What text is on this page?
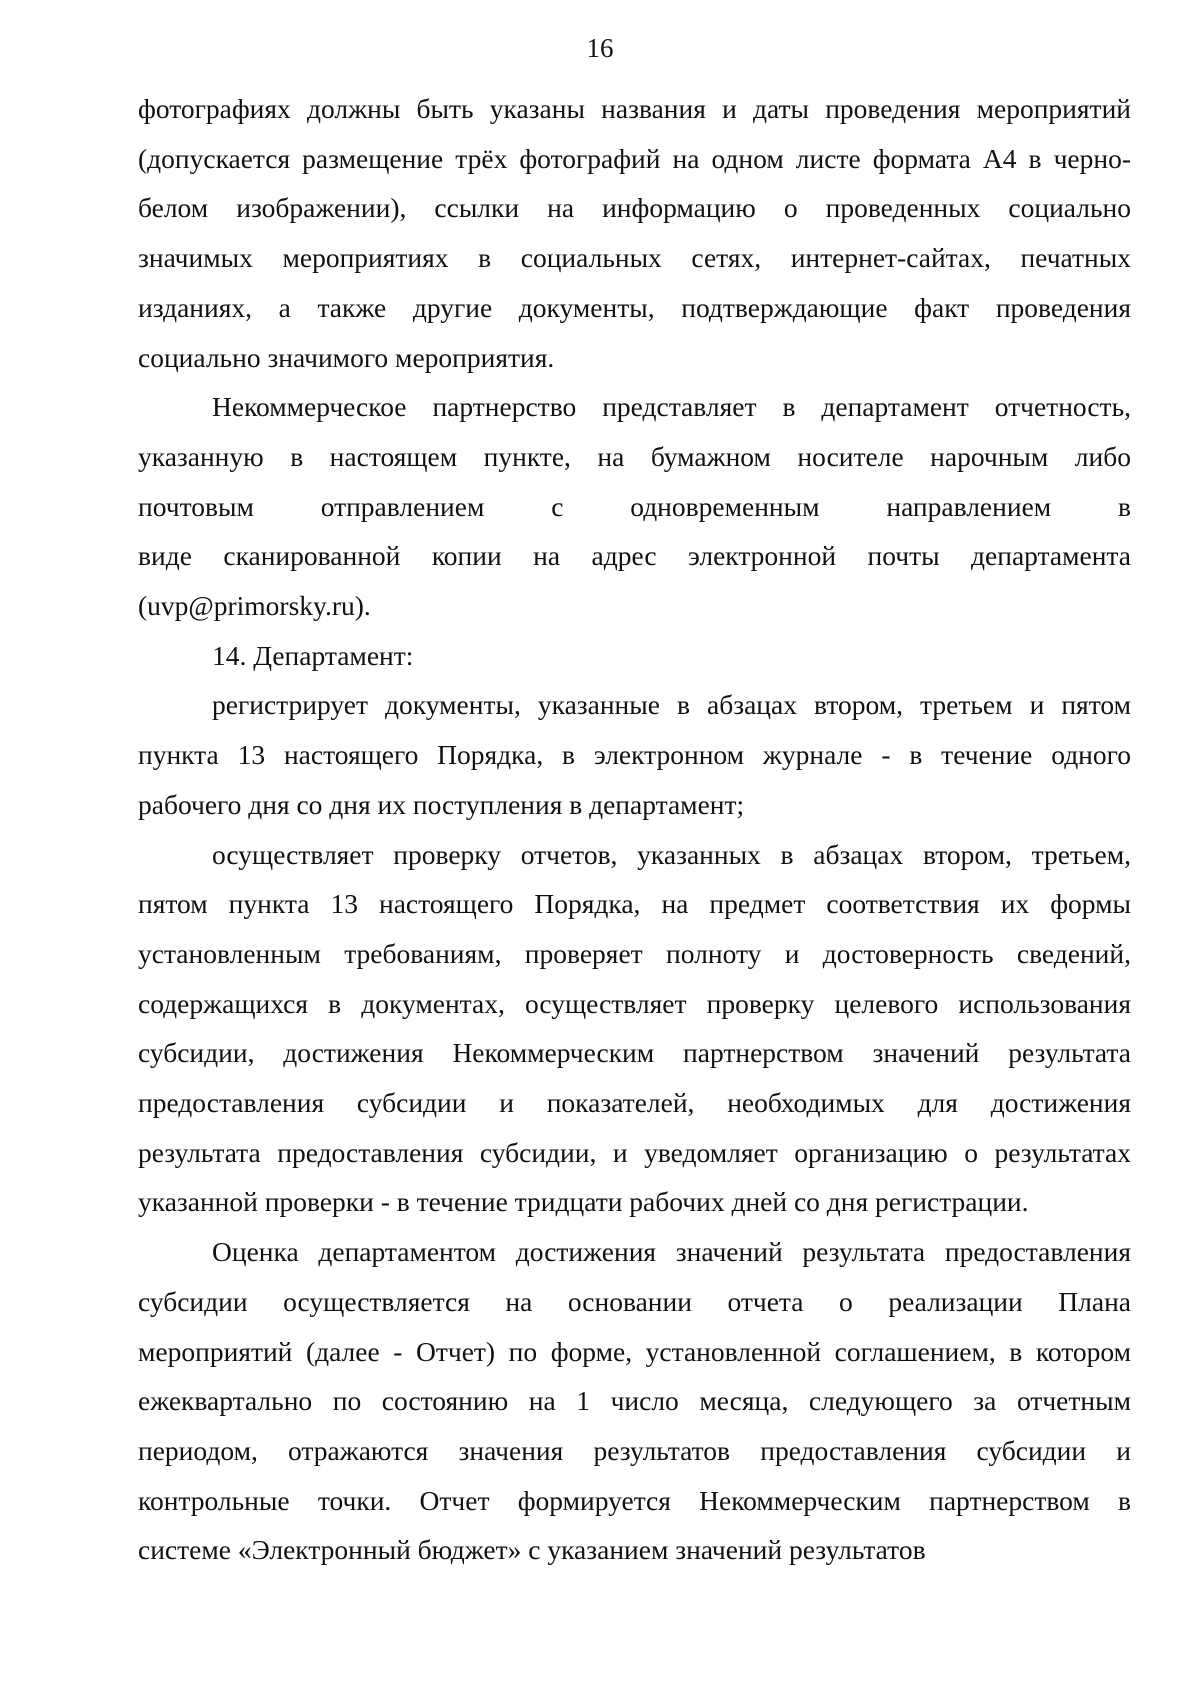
16

фотографиях должны быть указаны названия и даты проведения мероприятий

(допускается размещение трёх фотографий на одном листе формата А4 в черно-

белом изображении), ссылки на информацию о проведенных социально

значимых мероприятиях в социальных сетях, интернет-сайтах, печатных

изданиях, а также другие документы, подтверждающие факт проведения

социально значимого мероприятия.

Некоммерческое партнерство представляет в департамент отчетность,

указанную в настоящем пункте, на бумажном носителе нарочным либо

почтовым отправлением с одновременным направлением в

виде сканированной копии на адрес электронной почты департамента

(uvp@primorsky.ru).

14. Департамент:

регистрирует документы, указанные в абзацах втором, третьем и пятом

пункта 13 настоящего Порядка, в электронном журнале - в течение одного

рабочего дня со дня их поступления в департамент;

осуществляет проверку отчетов, указанных в абзацах втором, третьем,

пятом пункта 13 настоящего Порядка, на предмет соответствия их формы

установленным требованиям, проверяет полноту и достоверность сведений,

содержащихся в документах, осуществляет проверку целевого использования

субсидии, достижения Некоммерческим партнерством значений результата

предоставления субсидии и показателей, необходимых для достижения

результата предоставления субсидии, и уведомляет организацию о результатах

указанной проверки - в течение тридцати рабочих дней со дня регистрации.

Оценка департаментом достижения значений результата предоставления

субсидии осуществляется на основании отчета о реализации Плана

мероприятий (далее - Отчет) по форме, установленной соглашением, в котором

ежеквартально по состоянию на 1 число месяца, следующего за отчетным

периодом, отражаются значения результатов предоставления субсидии и

контрольные точки. Отчет формируется Некоммерческим партнерством в

системе «Электронный бюджет» с указанием значений результатов
